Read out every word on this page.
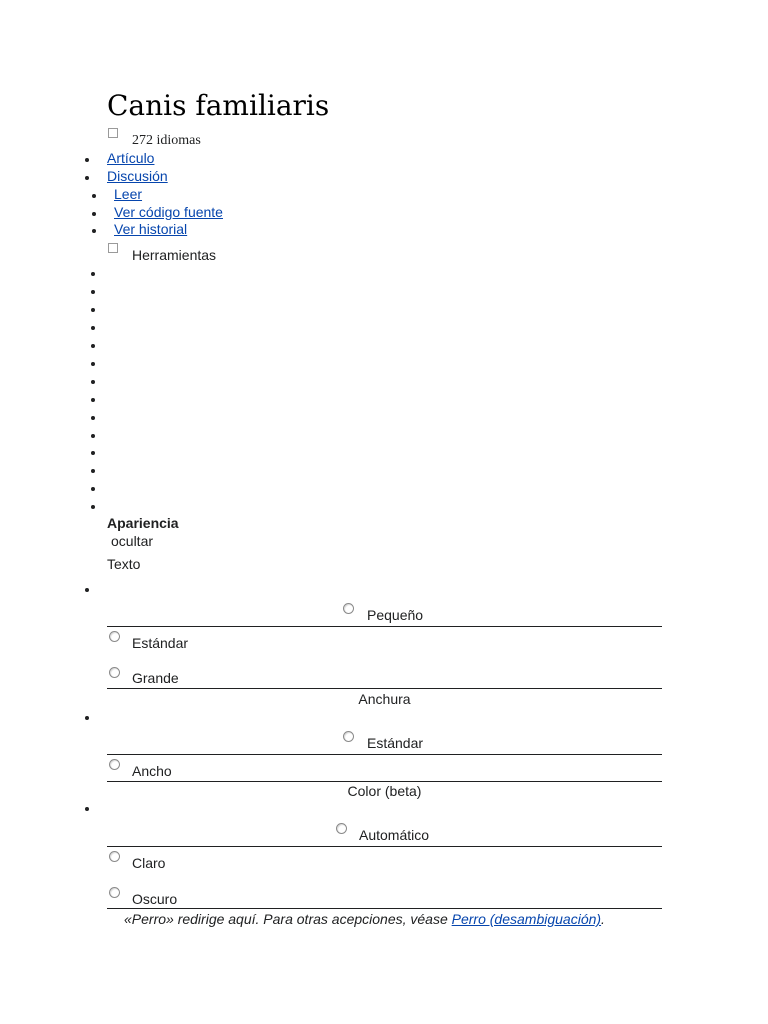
Canis familiaris
272 idiomas
Artículo
Discusión
Leer
Ver código fuente
Ver historial
Herramientas
Apariencia
ocultar
Texto
Pequeño
Estándar
Grande
Anchura
Estándar
Ancho
Color (beta)
Automático
Claro
Oscuro
«Perro» redirige aquí. Para otras acepciones, véase Perro (desambiguación).
